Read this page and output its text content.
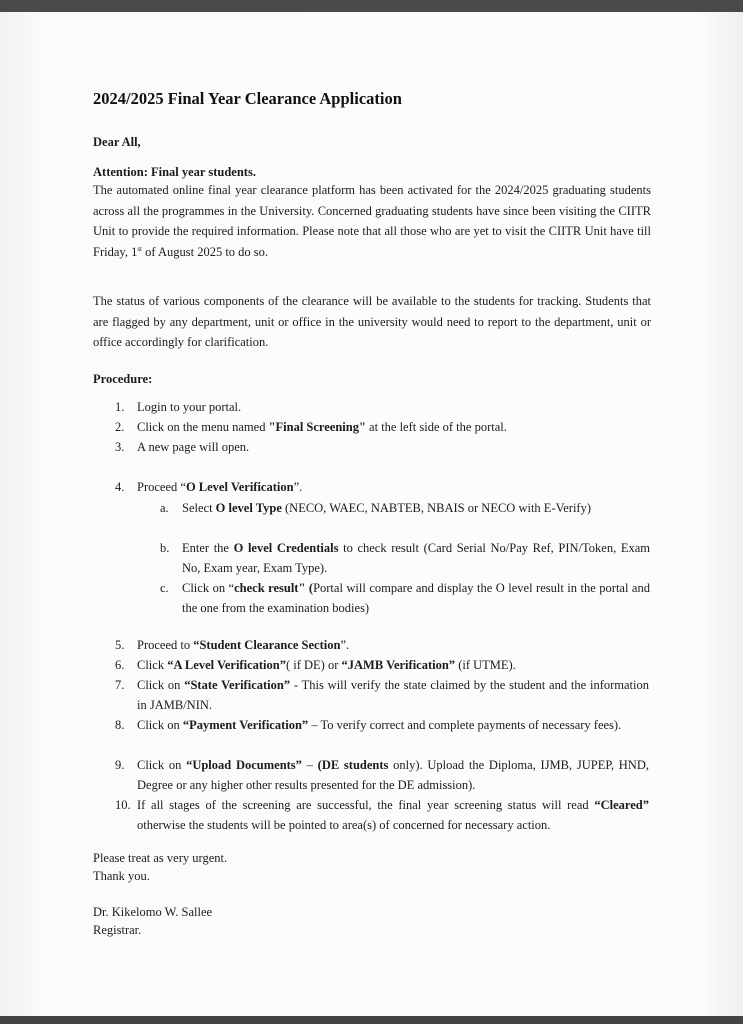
2024/2025 Final Year Clearance Application
Dear All,
Attention: Final year students.
The automated online final year clearance platform has been activated for the 2024/2025 graduating students across all the programmes in the University. Concerned graduating students have since been visiting the CIITR Unit to provide the required information. Please note that all those who are yet to visit the CIITR Unit have till Friday, 1st of August 2025 to do so.
The status of various components of the clearance will be available to the students for tracking. Students that are flagged by any department, unit or office in the university would need to report to the department, unit or office accordingly for clarification.
Procedure:
1. Login to your portal.
2. Click on the menu named "Final Screening" at the left side of the portal.
3. A new page will open.
4. Proceed “O Level Verification”.
a. Select O level Type (NECO, WAEC, NABTEB, NBAIS or NECO with E-Verify)
b. Enter the O level Credentials to check result (Card Serial No/Pay Ref, PIN/Token, Exam No, Exam year, Exam Type).
c. Click on “check result" (Portal will compare and display the O level result in the portal and the one from the examination bodies)
5. Proceed to “Student Clearance Section”.
6. Click “A Level Verification”( if DE) or “JAMB Verification” (if UTME).
7. Click on “State Verification” - This will verify the state claimed by the student and the information in JAMB/NIN.
8. Click on “Payment Verification” – To verify correct and complete payments of necessary fees).
9. Click on “Upload Documents” – (DE students only). Upload the Diploma, IJMB, JUPEP, HND, Degree or any higher other results presented for the DE admission).
10. If all stages of the screening are successful, the final year screening status will read “Cleared” otherwise the students will be pointed to area(s) of concerned for necessary action.
Please treat as very urgent.
Thank you.
Dr. Kikelomo W. Sallee
Registrar.
